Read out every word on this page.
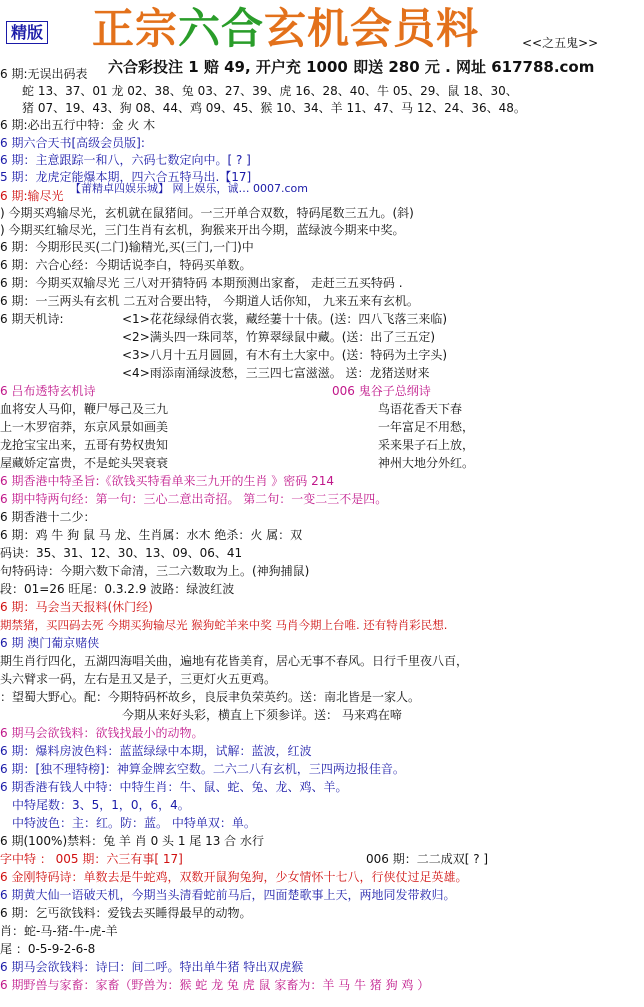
精版 正宗六合玄机会员料	<<之五鬼>>
六合彩投注 1 赔 49, 开户充 1000 即送 280 元 . 网址 617788.com
6 期:无误出码表
蛇 13、37、01 龙 02、38、兔 03、27、39、虎 16、28、40、牛 05、29、鼠 18、30、
猪 07、19、43、狗 08、44、鸡 09、45、猴 10、34、羊 11、47、马 12、24、36、48。
6 期:必出五行中特：金 火 木
6 期六合天书[高级会员版]:
6 期：主意跟踪一和八，六码七数定向中。[ ? ]
5 期：龙虎定能爆本期，四六合五特马出.【17]
【莆精卓四娱乐城】 网上娱乐，诚… 0007.com
6 期:输尽光
) 今期买鸡输尽光，玄机就在鼠猪间。一三开单合双数，特码尾数三五九。(斜)
) 今期买红输尽光，三门生肖有玄机，狗猴来开出今期，蓝绿波今期来中奖。
6 期：今期形民买(二门)输精光,买(三门,一门)中
6 期：六合心经：今期话说李白，特码买单数。
6 期：今期买双输尽光 三八对开猜特码 本期预测出家畜， 走赶三五买特码 .
6 期：一三两头有玄机 二五对合要出特， 今期道人话你知， 九来五来有玄机。
6 期天机诗:	<1>花花绿绿俏衣裳，藏经萋十十俵。(送：四八飞落三来临)
<2>满头四一珠同萃，竹箅翠绿鼠中藏。(送：出了三五定)
<3>八月十五月圆圆，有木有土大家中。(送：特码为土字头)
<4>雨添南涌绿波愁，三三四七富滋滋。 送：龙猪送财来
6 吕布透特玄机诗	006 鬼谷子总纲诗
血将安人马仰，鞭尸辱己及三九	鸟语花香天下春
上一木罗宿莽，东京风景如画美	一年富足不用愁，
龙抢宝宝出来，五哥有势权贵知	采来果子石上放，
屋藏娇定富贵，不是蛇头哭衰衰	神州大地分外红。
6 期香港中特圣旨:《欲钱买特看单来三九开的生肖 》密码 214
6 期中特两句经：第一句：三心二意出奇招。 第二句：一变二三不是四。
6 期香港十二少：
6 期：鸡 牛 狗 鼠 马 龙、生肖属：水木 绝杀：火 属：双
码诀：35、31、12、30、13、09、06、41
句特码诗：今期六数下命清，三二六数取为上。(神狗捕鼠)
段：01=26 旺尾：0.3.2.9 波路：绿波红波
6 期：马会当天报料(休门经)
期禁猪，买四码去死 今期买狗输尽光 猴狗蛇羊来中奖 马肖今期上台唯. 还有特肖彩民想.
6 期 澳门葡京赌侠
期生肖行四化，五湖四海唱关曲，遍地有花皆美育，居心无事不春风。日行千里夜八百，
头六臂求一码，左右是丑又是子，三更灯火五更鸡。
：望蜀大野心。配：今期特码杯故乡，良辰聿负荣英约。送：南北皆是一家人。
今期从来好头彩，横直上下须参详。送： 马来鸡在啼
6 期马会欲钱料：欲钱找最小的动物。
6 期：爆料房波色料：蓝蓝绿绿中本期，试解：蓝波，红波
6 期：[独不理特榜]：神算金牌玄空数。二六二八有玄机，三四两边报佳音。
6 期香港有钱人中特：中特生肖：牛、鼠、蛇、兔、龙、鸡、羊。
中特尾数：3、5，1，0，6，4。
中特波色：主：红。防：蓝。 中特单双：单。
6 期(100%)禁料：兔 羊 肖 0 头 1 尾 13 合 水行
字中特 ： 005 期：六三有事[ 17]	006 期：二二成双[ ? ]
6 金刚特码诗：单数去是牛蛇鸡，双数开鼠狗兔狗，少女情怀十七八，行侠仗过足英雄。
6 期黄大仙一语破天机，今期当头清看蛇前马后，四面楚歌事上天，两地同发带救归。
6 期：乞丐欲钱料：爱钱去买睡得最早的动物。
肖：蛇-马-猪-牛-虎-羊
尾 ：0-5-9-2-6-8
6 期马会欲钱料：诗曰：间二呼。特出单牛猪 特出双虎猴
6 期野兽与家畜：家畜（野兽为：猴 蛇 龙 兔 虎 鼠 家畜为：羊 马 牛 猪 狗 鸡 ）
